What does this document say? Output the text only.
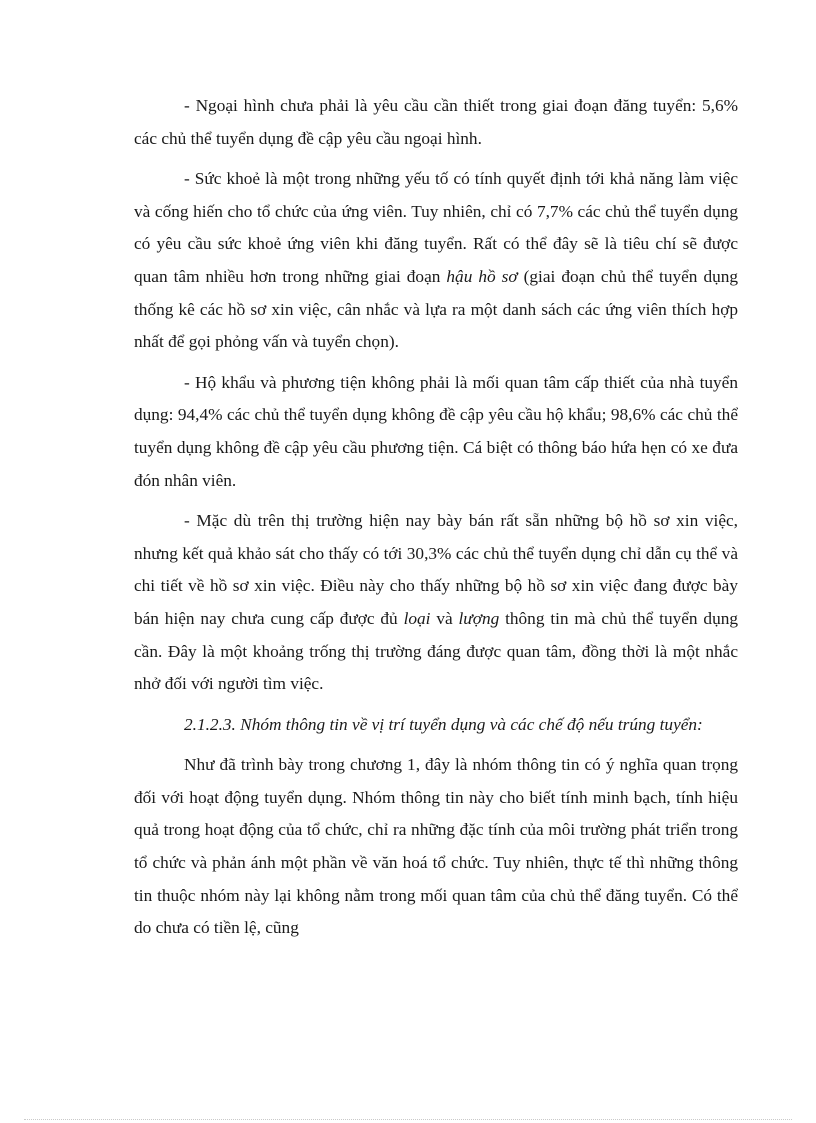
- Ngoại hình chưa phải là yêu cầu cần thiết trong giai đoạn đăng tuyển: 5,6% các chủ thể tuyển dụng đề cập yêu cầu ngoại hình.

- Sức khoẻ là một trong những yếu tố có tính quyết định tới khả năng làm việc và cống hiến cho tổ chức của ứng viên. Tuy nhiên, chỉ có 7,7% các chủ thể tuyển dụng có yêu cầu sức khoẻ ứng viên khi đăng tuyển. Rất có thể đây sẽ là tiêu chí sẽ được quan tâm nhiều hơn trong những giai đoạn hậu hồ sơ (giai đoạn chủ thể tuyển dụng thống kê các hồ sơ xin việc, cân nhắc và lựa ra một danh sách các ứng viên thích hợp nhất để gọi phỏng vấn và tuyển chọn).

- Hộ khẩu và phương tiện không phải là mối quan tâm cấp thiết của nhà tuyển dụng: 94,4% các chủ thể tuyển dụng không đề cập yêu cầu hộ khẩu; 98,6% các chủ thể tuyển dụng không đề cập yêu cầu phương tiện. Cá biệt có thông báo hứa hẹn có xe đưa đón nhân viên.

- Mặc dù trên thị trường hiện nay bày bán rất sẵn những bộ hồ sơ xin việc, nhưng kết quả khảo sát cho thấy có tới 30,3% các chủ thể tuyển dụng chỉ dẫn cụ thể và chi tiết về hồ sơ xin việc. Điều này cho thấy những bộ hồ sơ xin việc đang được bày bán hiện nay chưa cung cấp được đủ loại và lượng thông tin mà chủ thể tuyển dụng cần. Đây là một khoảng trống thị trường đáng được quan tâm, đồng thời là một nhắc nhở đối với người tìm việc.

2.1.2.3. Nhóm thông tin về vị trí tuyển dụng và các chế độ nếu trúng tuyển:

Như đã trình bày trong chương 1, đây là nhóm thông tin có ý nghĩa quan trọng đối với hoạt động tuyển dụng. Nhóm thông tin này cho biết tính minh bạch, tính hiệu quả trong hoạt động của tổ chức, chỉ ra những đặc tính của môi trường phát triển trong tổ chức và phản ánh một phần về văn hoá tổ chức. Tuy nhiên, thực tế thì những thông tin thuộc nhóm này lại không nằm trong mối quan tâm của chủ thể đăng tuyển. Có thể do chưa có tiền lệ, cũng
